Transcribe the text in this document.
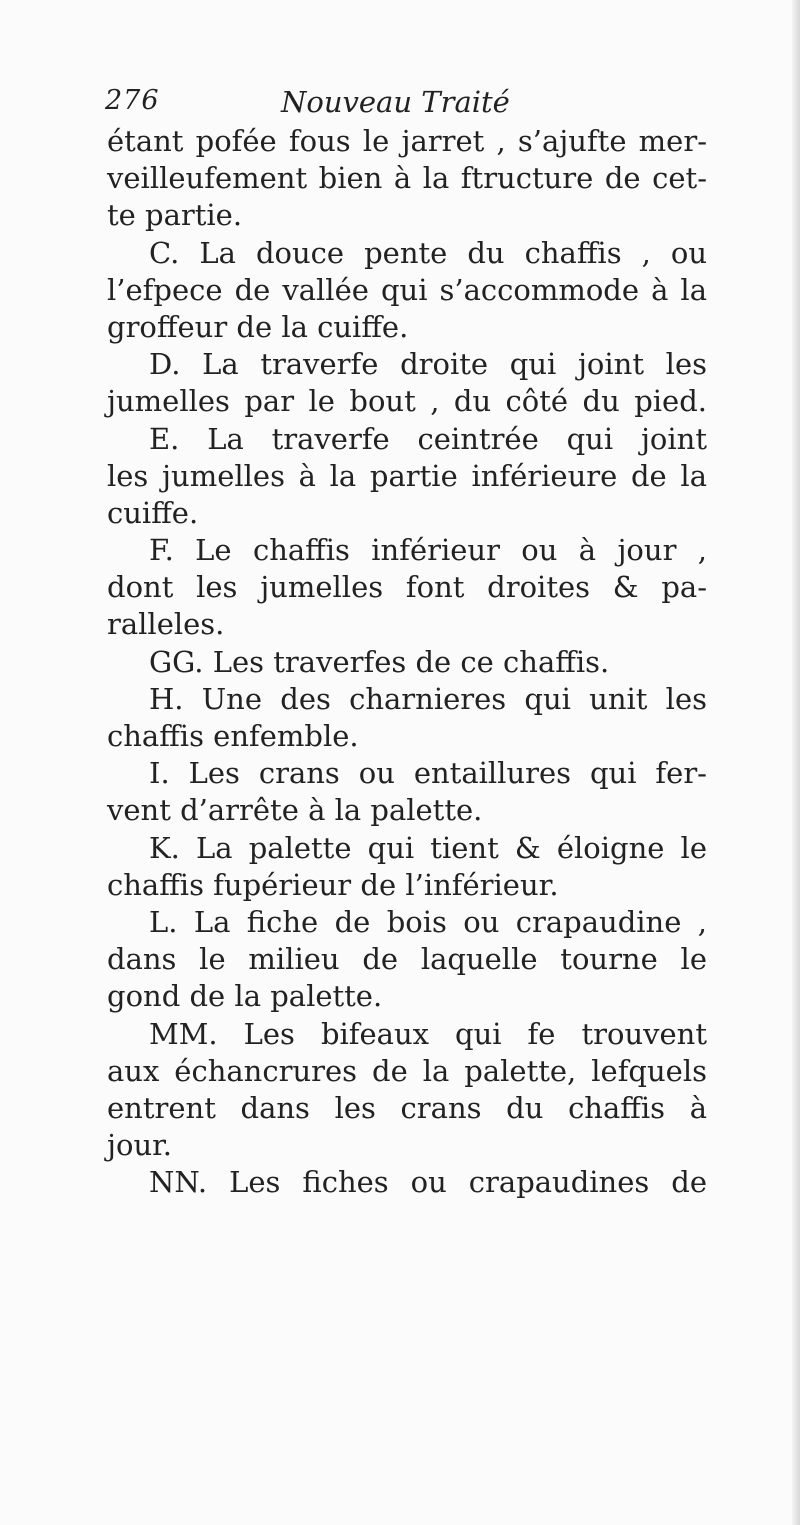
276	Nouveau Traité
étant pofée fous le jarret , s’ajufte mer-
veilleufement bien à la ftructure de cet-
te partie.
C. La douce pente du chaffis , ou
l’efpece de vallée qui s’accommode à la
groffeur de la cuiffe.
D. La traverfe droite qui joint les
jumelles par le bout , du côté du pied.
E. La traverfe ceintrée qui joint
les jumelles à la partie inférieure de la
cuiffe.
F. Le chaffis inférieur ou à jour ,
dont les jumelles font droites & pa-
ralleles.
GG. Les traverfes de ce chaffis.
H. Une des charnieres qui unit les
chaffis enfemble.
I. Les crans ou entaillures qui fer-
vent d’arrête à la palette.
K. La palette qui tient & éloigne le
chaffis fupérieur de l’inférieur.
L. La fiche de bois ou crapaudine ,
dans le milieu de laquelle tourne le
gond de la palette.
MM. Les bifeaux qui fe trouvent
aux échancrures de la palette, lefquels
entrent dans les crans du chaffis à
jour.
NN. Les fiches ou crapaudines de
